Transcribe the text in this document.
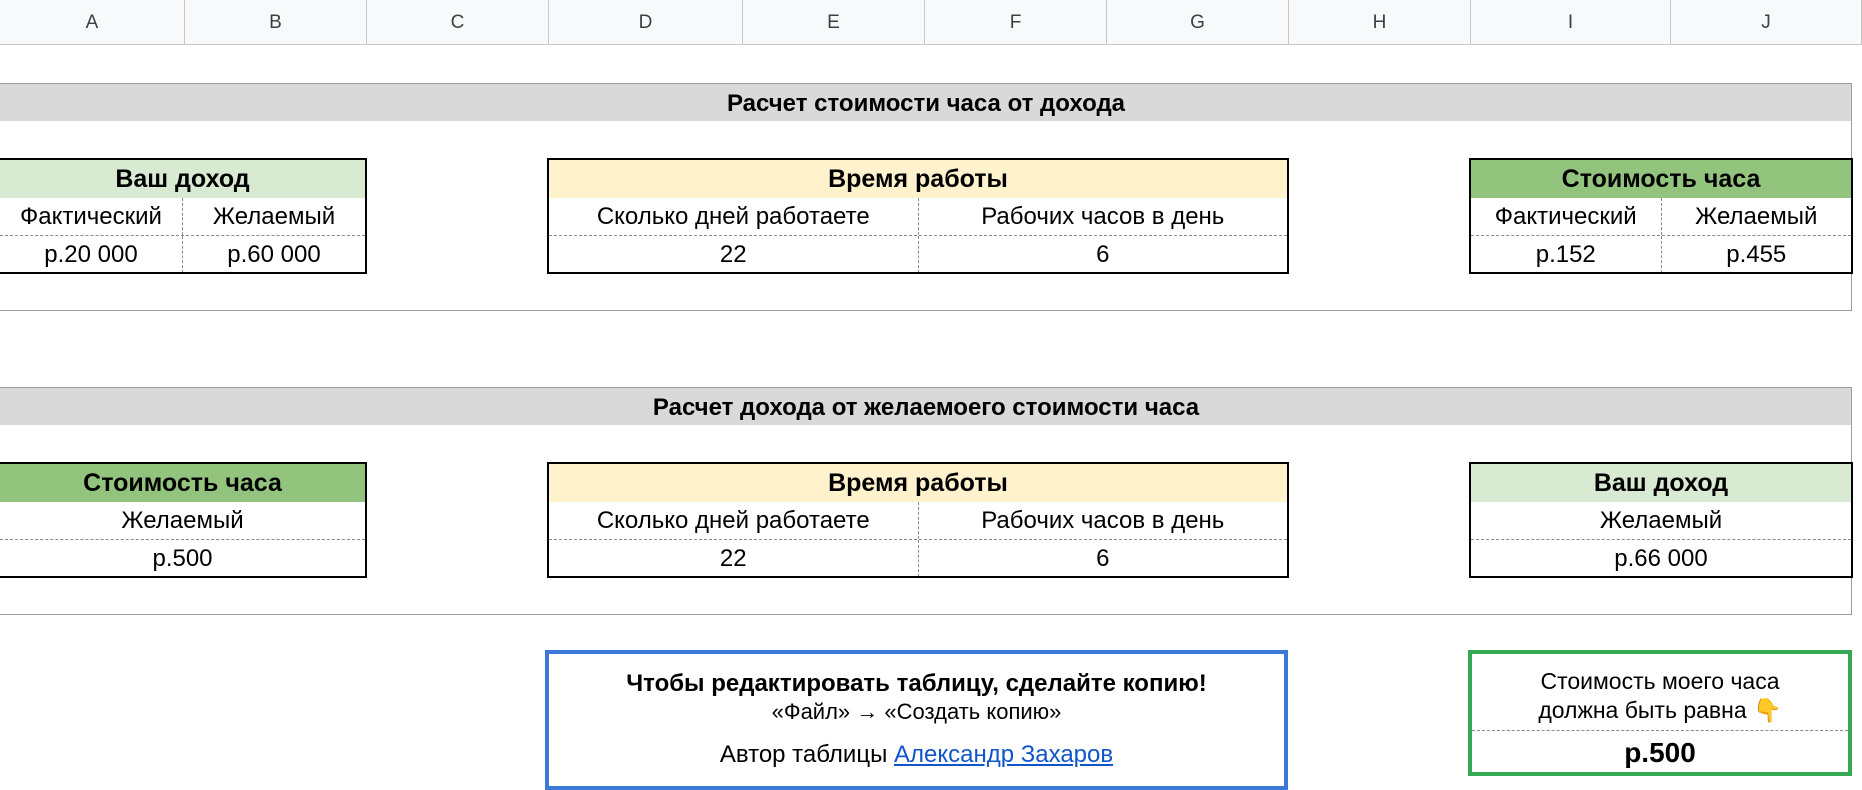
A	B	C	D	E	F	G	H	I	J
Расчет стоимости часа от дохода
Ваш доход
Фактический	Желаемый
р.20 000	р.60 000
Время работы
Сколько дней работаете	Рабочих часов в день
22	6
Стоимость часа
Фактический	Желаемый
р.152	р.455
Расчет дохода от желаемоего стоимости часа
Стоимость часа
Желаемый
р.500
Время работы
Сколько дней работаете	Рабочих часов в день
22	6
Ваш доход
Желаемый
р.66 000
Чтобы редактировать таблицу, сделайте копию!
«Файл» → «Создать копию»
Автор таблицы Александр Захаров
Стоимость моего часа
должна быть равна 👇
р.500
